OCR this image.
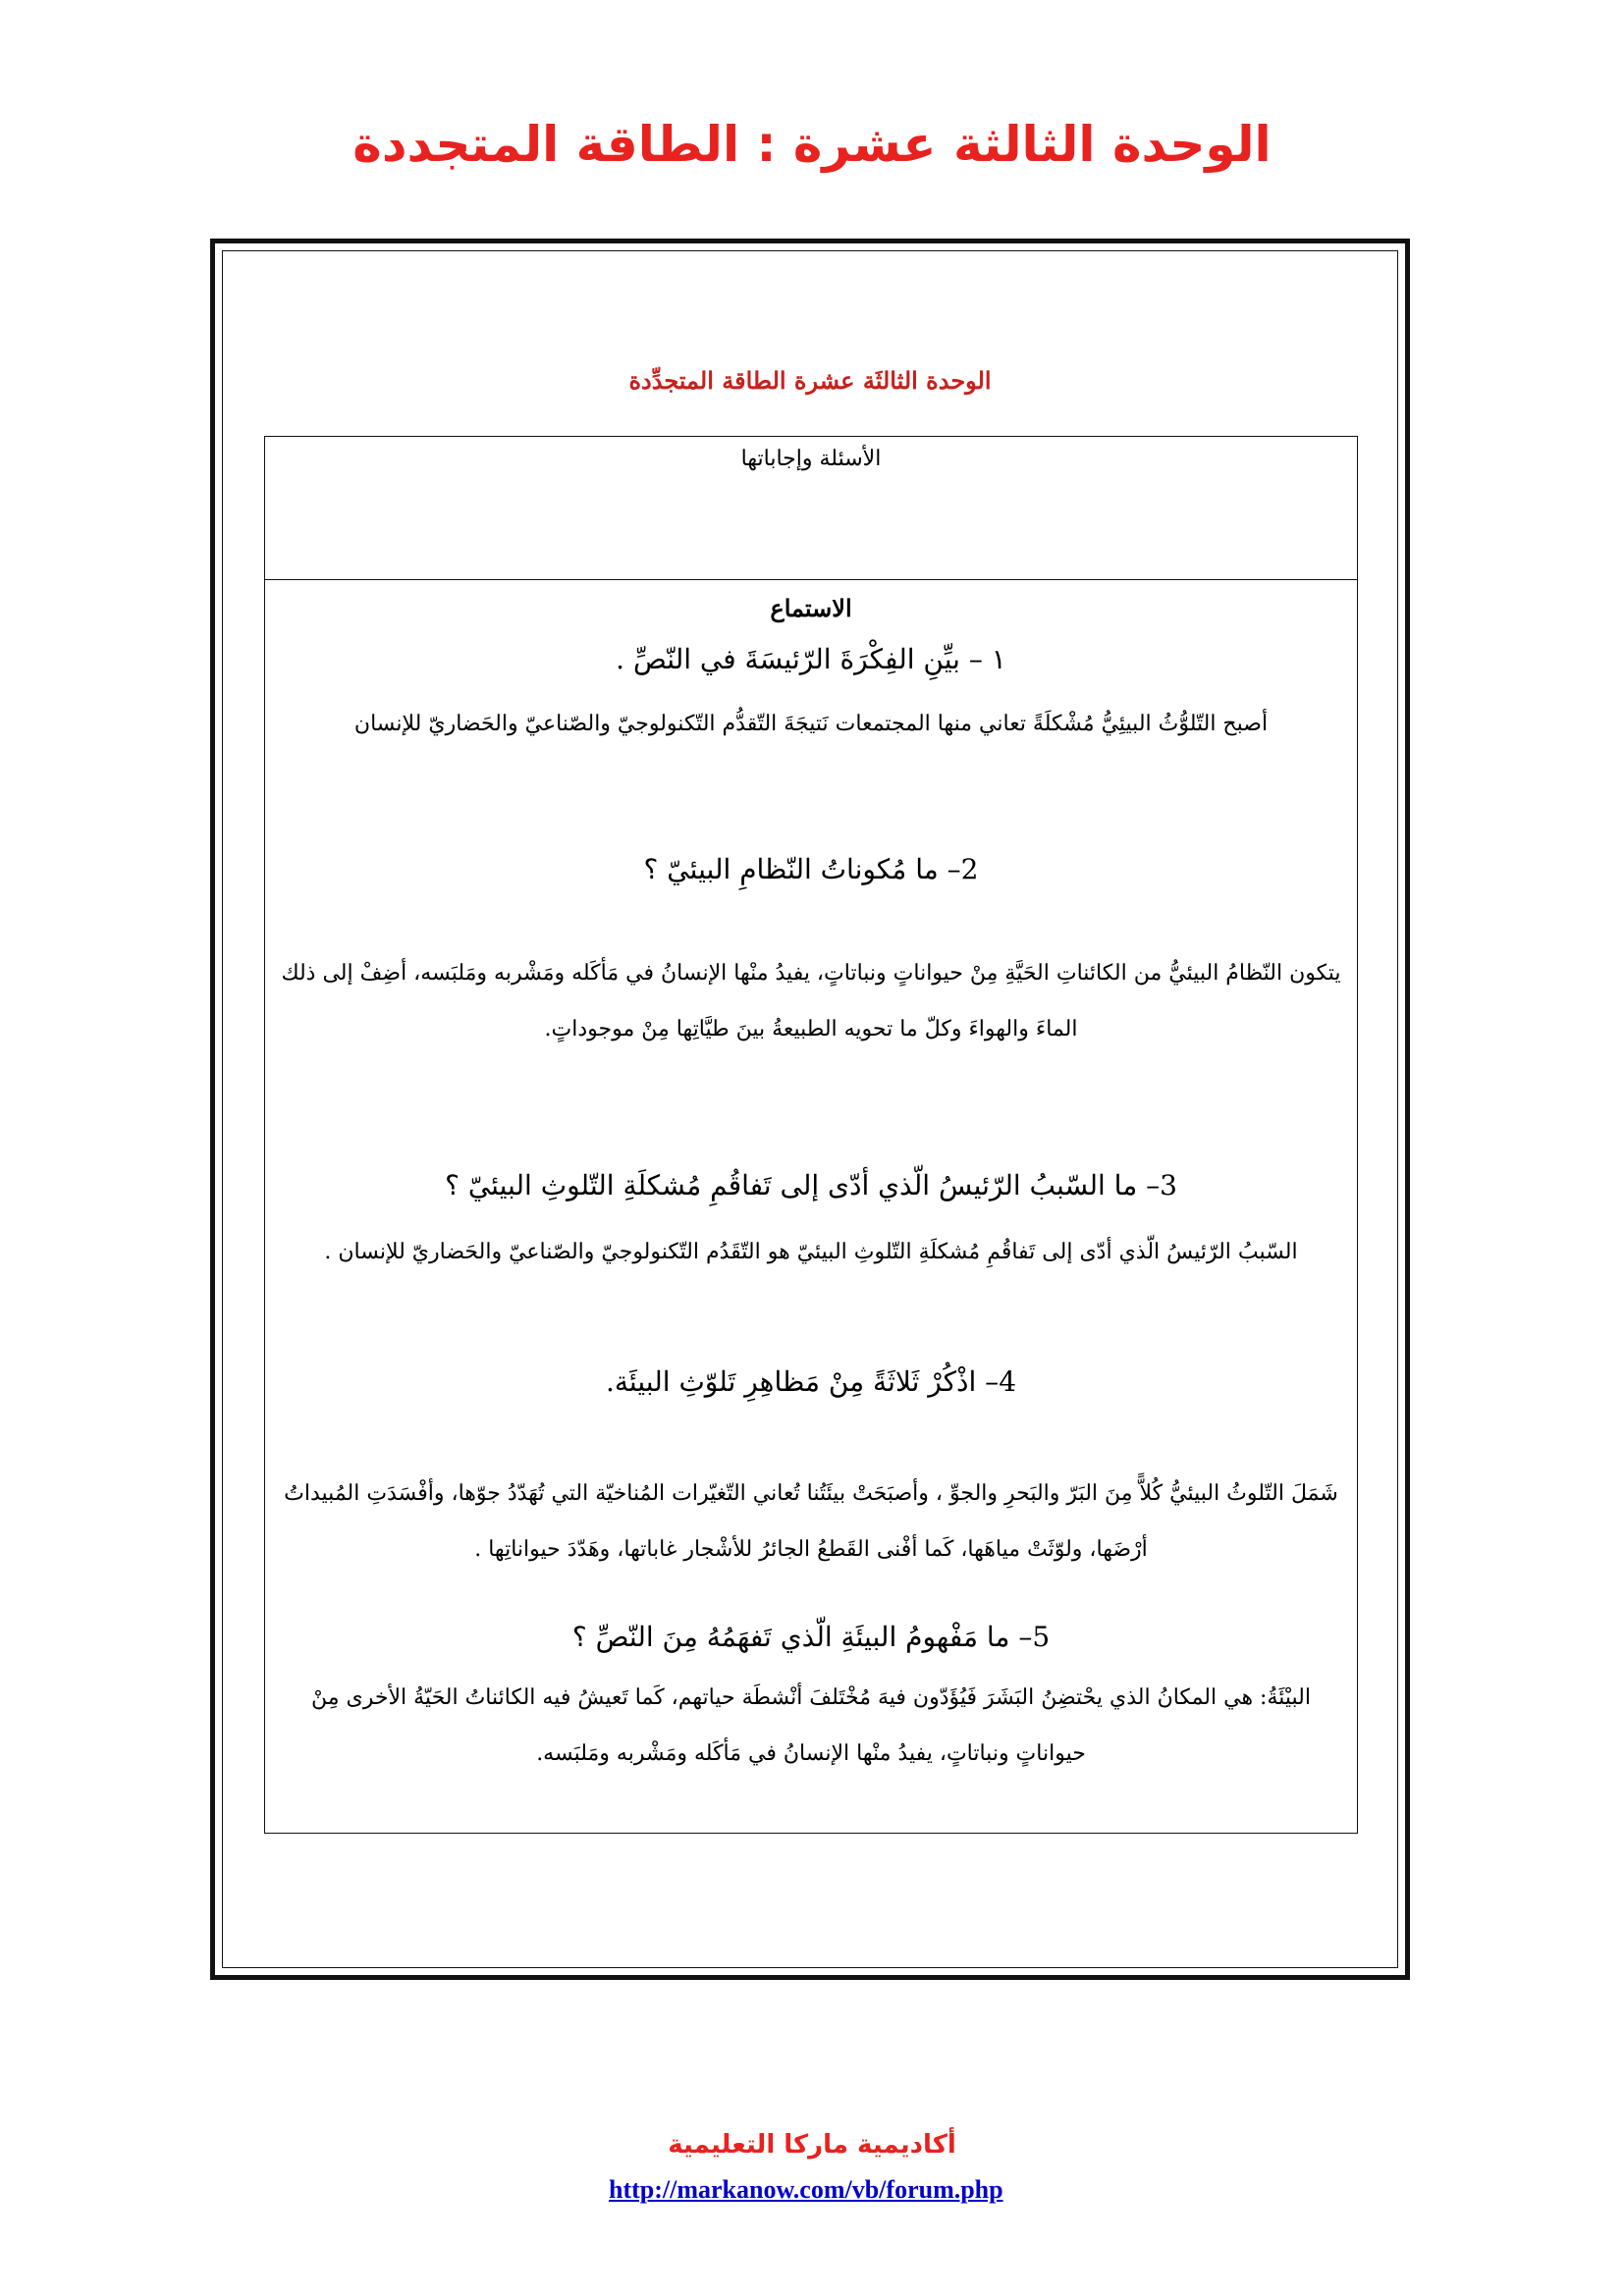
الوحدة الثالثة عشرة : الطاقة المتجددة
الوحدة الثالثَة عشرة الطاقة المتجدِّدة
الأسئلة وإجاباتها
الاستماع
١ – بيِّنِ الفِكْرَةَ الرّئيسَةَ في النّصِّ .
أصبح التّلوُّثُ البيئِيُّ مُشْكلَةً تعاني منها المجتمعات نَتيجَةَ التّقدُّم التّكنولوجيّ والصّناعيّ والحَضاريّ للإنسان
2– ما مُكوناتُ النّظامِ البيئيّ ؟
يتكون النّظامُ البيئيُّ من الكائناتِ الحَيَّةِ مِنْ حيواناتٍ ونباتاتٍ، يفيدُ منْها الإنسانُ في مَأكَله ومَشْربه ومَلبَسه، أضِفْ إلى ذلك الماءَ والهواءَ وكلّ ما تحويه الطبيعةُ بينَ طيَّاتِها مِنْ موجوداتٍ.
3– ما السّببُ الرّئيسُ الّذي أدّى إلى تَفاقُمِ مُشكلَةِ التّلوثِ البيئيّ ؟
السّببُ الرّئيسُ الّذي أدّى إلى تَفاقُمِ مُشكلَةِ التّلوثِ البيئيّ هو التّقَدُم التّكنولوجيّ والصّناعيّ والحَضاريّ للإنسان .
4– اذْكُرْ ثَلاثَةً مِنْ مَظاهِرِ تَلوّثِ البيئَة.
شَمَلَ التّلوثُ البيئيُّ كُلاًّ مِنَ البَرّ والبَحرِ والجوِّ ، وأصبَحَتْ بيئَتُنا تُعاني التّغيّرات المُناخيّة التي تُهَدّدُ جوّها، وأفْسَدَتِ المُبيداتُ أرْضَها، ولوّثَتْ مياهَها، كَما أفْنى القَطعُ الجائرُ للأشْجار غاباتها، وهَدّدَ حيواناتِها .
5– ما مَفْهومُ البيئَةِ الّذي تَفهَمُهُ مِنَ النّصِّ ؟
البيْئَةُ: هي المكانُ الذي يحْتضِنُ البَشَرَ فَيُؤَدّون فيهَ مُخْتَلفَ أنْشطَة حياتهم، كَما تَعيشُ فيه الكائناتُ الحَيّةُ الأخرى مِنْ حيواناتٍ ونباتاتٍ، يفيدُ منْها الإنسانُ في مَأكَله ومَشْربه ومَلبَسه.
أكاديمية ماركا التعليمية
http://markanow.com/vb/forum.php
